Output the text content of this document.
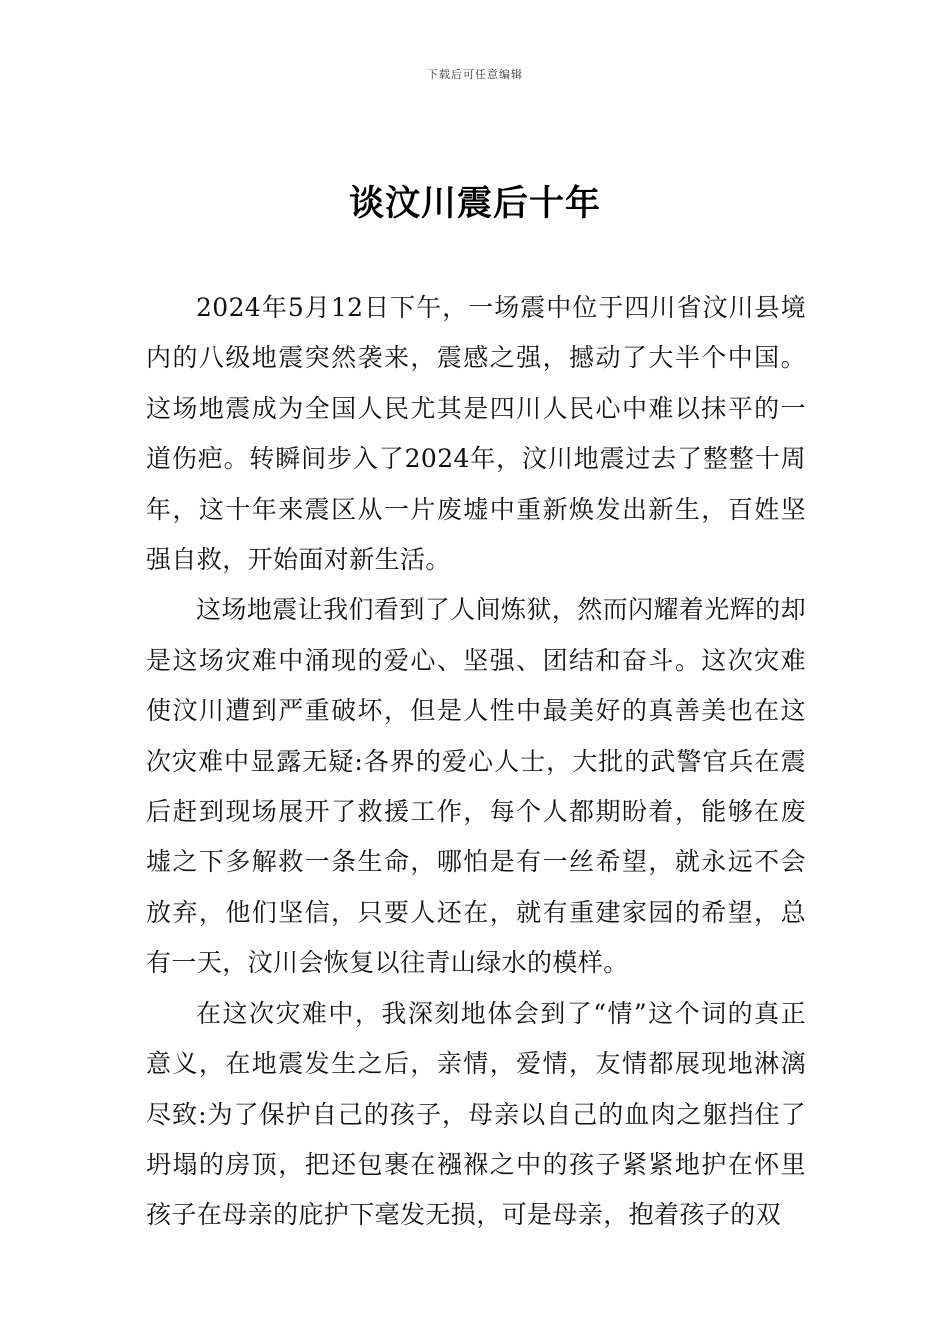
下载后可任意编辑
谈汶川震后十年

2024年5月12日下午，一场震中位于四川省汶川县境内的八级地震突然袭来，震感之强，撼动了大半个中国。这场地震成为全国人民尤其是四川人民心中难以抹平的一道伤疤。转瞬间步入了2024年，汶川地震过去了整整十周年，这十年来震区从一片废墟中重新焕发出新生，百姓坚强自救，开始面对新生活。

这场地震让我们看到了人间炼狱，然而闪耀着光辉的却是这场灾难中涌现的爱心、坚强、团结和奋斗。这次灾难使汶川遭到严重破坏，但是人性中最美好的真善美也在这次灾难中显露无疑:各界的爱心人士，大批的武警官兵在震后赶到现场展开了救援工作，每个人都期盼着，能够在废墟之下多解救一条生命，哪怕是有一丝希望，就永远不会放弃，他们坚信，只要人还在，就有重建家园的希望，总有一天，汶川会恢复以往青山绿水的模样。

在这次灾难中，我深刻地体会到了“情”这个词的真正意义，在地震发生之后，亲情，爱情，友情都展现地淋漓尽致:为了保护自己的孩子，母亲以自己的血肉之躯挡住了坍塌的房顶，把还包裹在襁褓之中的孩子紧紧地护在怀里孩子在母亲的庇护下毫发无损，可是母亲，抱着孩子的双
